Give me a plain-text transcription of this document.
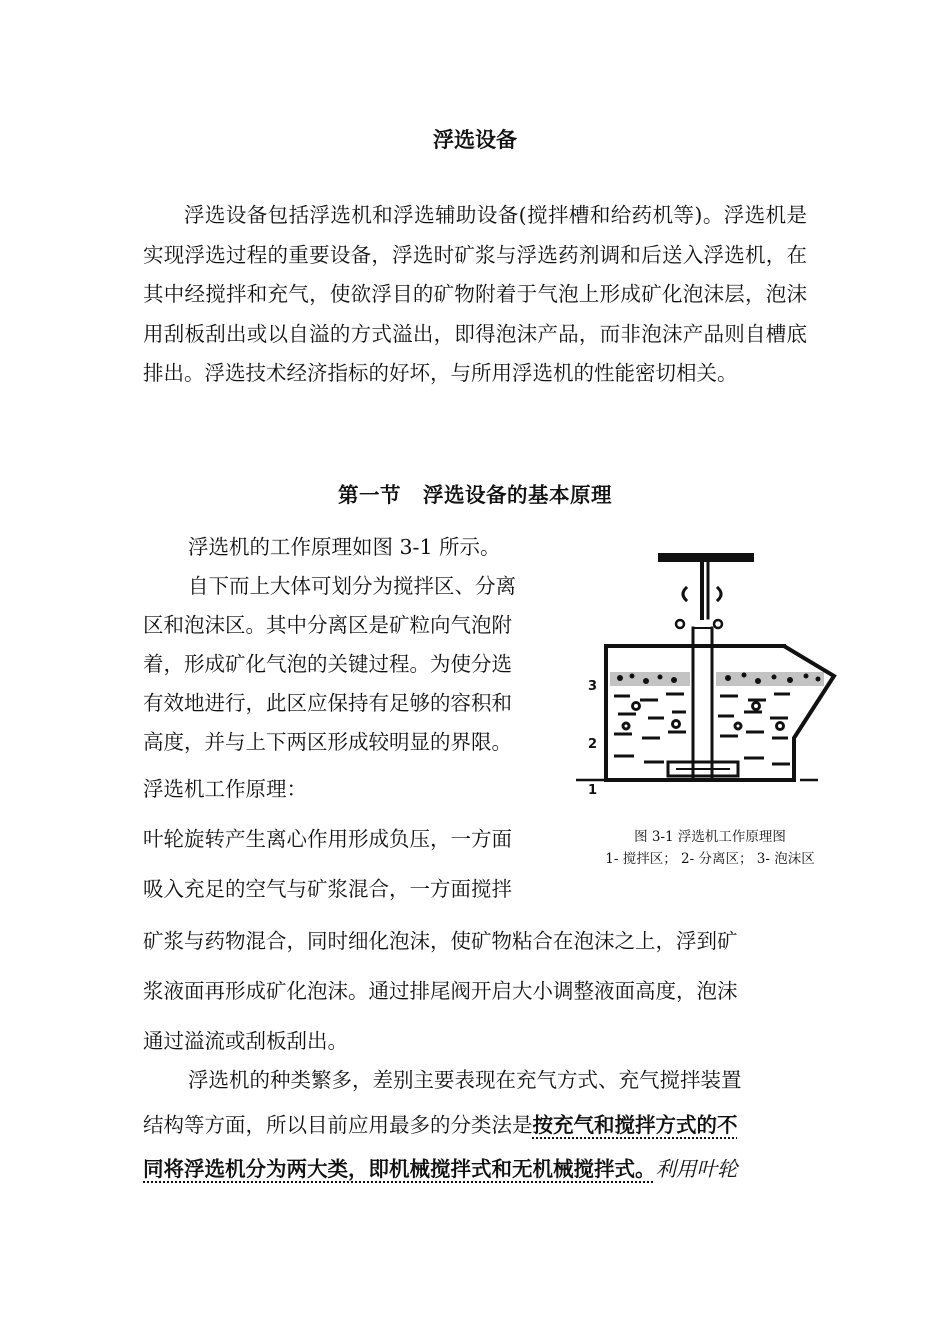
浮选设备
浮选设备包括浮选机和浮选辅助设备(搅拌槽和给药机等)。浮选机是实现浮选过程的重要设备，浮选时矿浆与浮选药剂调和后送入浮选机，在其中经搅拌和充气，使欲浮目的矿物附着于气泡上形成矿化泡沫层，泡沫用刮板刮出或以自溢的方式溢出，即得泡沫产品，而非泡沫产品则自槽底排出。浮选技术经济指标的好坏，与所用浮选机的性能密切相关。
第一节 浮选设备的基本原理
浮选机的工作原理如图 3-1 所示。
自下而上大体可划分为搅拌区、分离
区和泡沫区。其中分离区是矿粒向气泡附
着，形成矿化气泡的关键过程。为使分选
有效地进行，此区应保持有足够的容积和
高度，并与上下两区形成较明显的界限。
浮选机工作原理：
叶轮旋转产生离心作用形成负压，一方面
吸入充足的空气与矿浆混合，一方面搅拌
矿浆与药物混合，同时细化泡沫，使矿物粘合在泡沫之上，浮到矿
浆液面再形成矿化泡沫。通过排尾阀开启大小调整液面高度，泡沫
通过溢流或刮板刮出。
浮选机的种类繁多，差别主要表现在充气方式、充气搅拌装置
结构等方面，所以目前应用最多的分类法是按充气和搅拌方式的不
同将浮选机分为两大类，即机械搅拌式和无机械搅拌式。利用叶轮
3
2
1
图 3-1 浮选机工作原理图
1- 搅拌区； 2- 分离区； 3- 泡沫区
